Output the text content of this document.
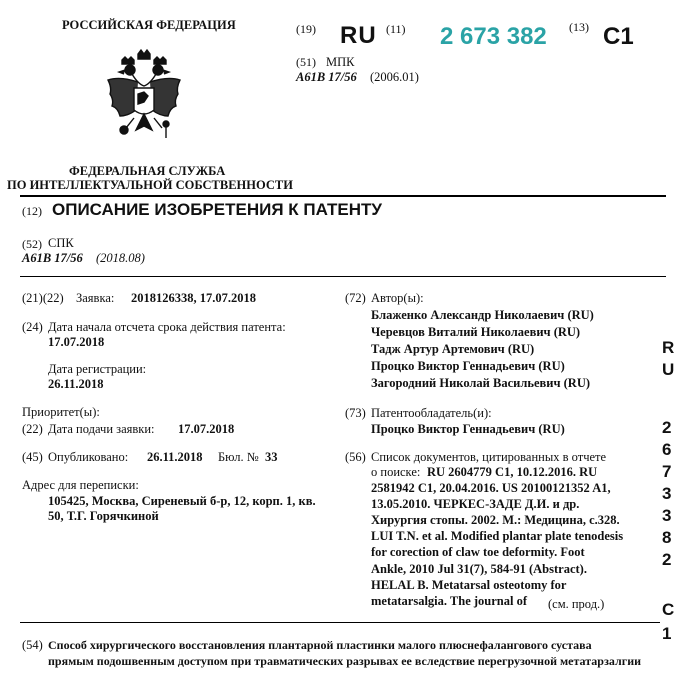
РОССИЙСКАЯ ФЕДЕРАЦИЯ
ФЕДЕРАЛЬНАЯ СЛУЖБА
ПО ИНТЕЛЛЕКТУАЛЬНОЙ СОБСТВЕННОСТИ
(19) RU (11) 2 673 382 (13) C1
(51) МПК
A61B 17/56 (2006.01)
(12) ОПИСАНИЕ ИЗОБРЕТЕНИЯ К ПАТЕНТУ
(52) СПК
A61B 17/56 (2018.08)
(21)(22) Заявка: 2018126338, 17.07.2018
(24) Дата начала отсчета срока действия патента:
17.07.2018
Дата регистрации:
26.11.2018
Приоритет(ы):
(22) Дата подачи заявки: 17.07.2018
(45) Опубликовано: 26.11.2018 Бюл. № 33
Адрес для переписки:
105425, Москва, Сиреневый б-р, 12, корп. 1, кв.
50, Т.Г. Горячкиной
(72) Автор(ы):
Блаженко Александр Николаевич (RU)
Черевцов Виталий Николаевич (RU)
Тадж Артур Артемович (RU)
Процко Виктор Геннадьевич (RU)
Загородний Николай Васильевич (RU)
(73) Патентообладатель(и):
Процко Виктор Геннадьевич (RU)
(56) Список документов, цитированных в отчете
о поиске: RU 2604779 C1, 10.12.2016. RU
2581942 C1, 20.04.2016. US 20100121352 A1,
13.05.2010. ЧЕРКЕС-ЗАДЕ Д.И. и др.
Хирургия стопы. 2002. М.: Медицина, с.328.
LUI T.N. et al. Modified plantar plate tenodesis
for corection of claw toe deformity. Foot
Ankle, 2010 Jul 31(7), 584-91 (Abstract).
HELAL B. Metatarsal osteotomy for
metatarsalgia. The journal of (см. прод.)
R
U
2
6
7
3
3
8
2
C
1
(54) Способ хирургического восстановления плантарной пластинки малого плюснефалангового сустава
прямым подошвенным доступом при травматических разрывах ее вследствие перегрузочной метатарзалгии
